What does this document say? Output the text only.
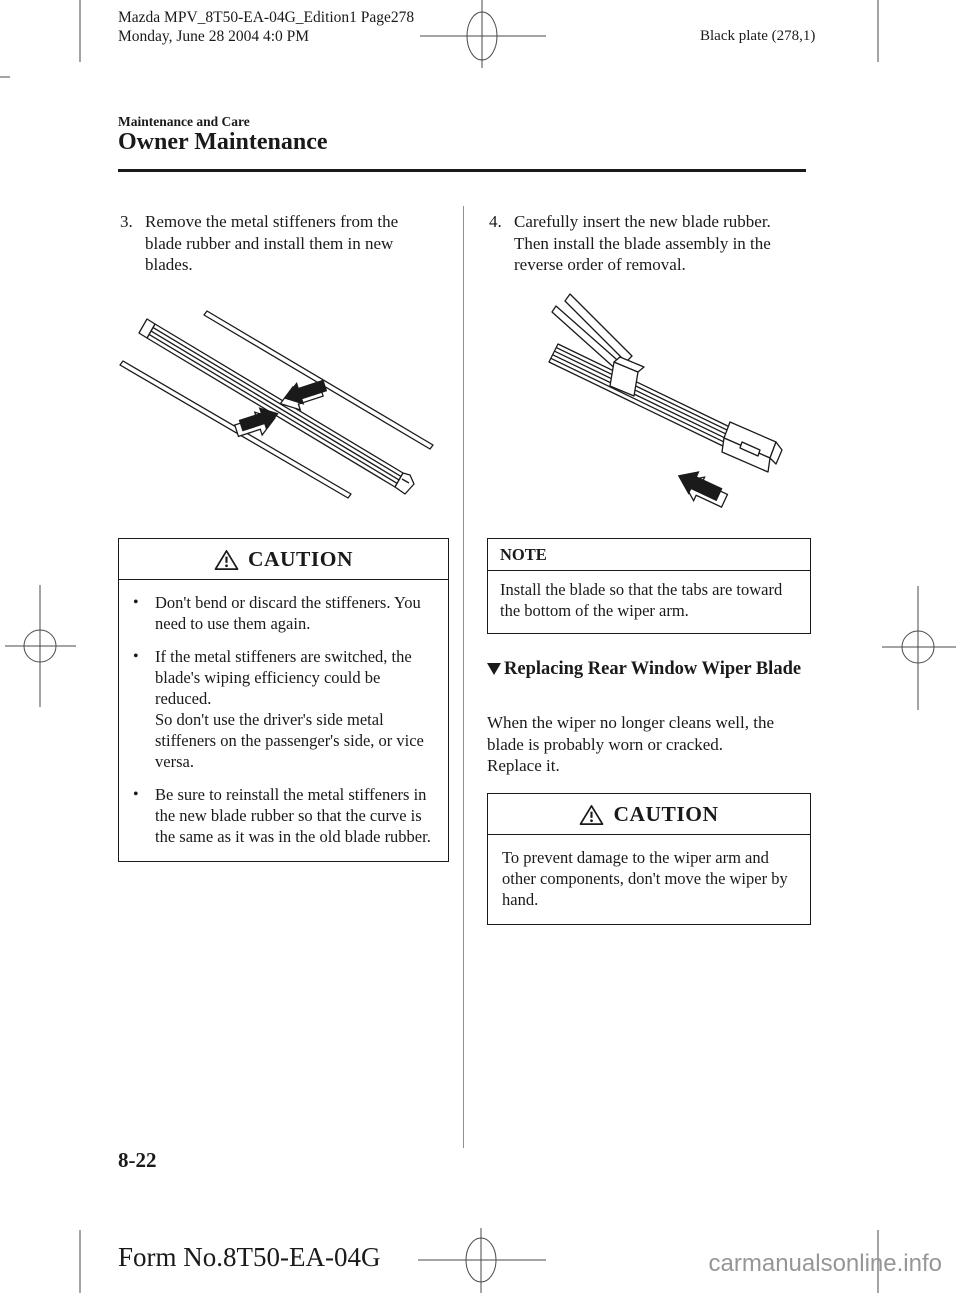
Mazda MPV_8T50-EA-04G_Edition1 Page278
Monday, June 28 2004 4:0 PM	Black plate (278,1)
Maintenance and Care
Owner Maintenance
3. Remove the metal stiffeners from the blade rubber and install them in new blades.
CAUTION
• Don't bend or discard the stiffeners. You need to use them again.
• If the metal stiffeners are switched, the blade's wiping efficiency could be reduced.
So don't use the driver's side metal stiffeners on the passenger's side, or vice versa.
• Be sure to reinstall the metal stiffeners in the new blade rubber so that the curve is the same as it was in the old blade rubber.
4. Carefully insert the new blade rubber. Then install the blade assembly in the reverse order of removal.
NOTE
Install the blade so that the tabs are toward the bottom of the wiper arm.
Replacing Rear Window Wiper Blade
When the wiper no longer cleans well, the blade is probably worn or cracked.
Replace it.
CAUTION
To prevent damage to the wiper arm and other components, don't move the wiper by hand.
8-22
Form No.8T50-EA-04G	carmanualsonline.info
